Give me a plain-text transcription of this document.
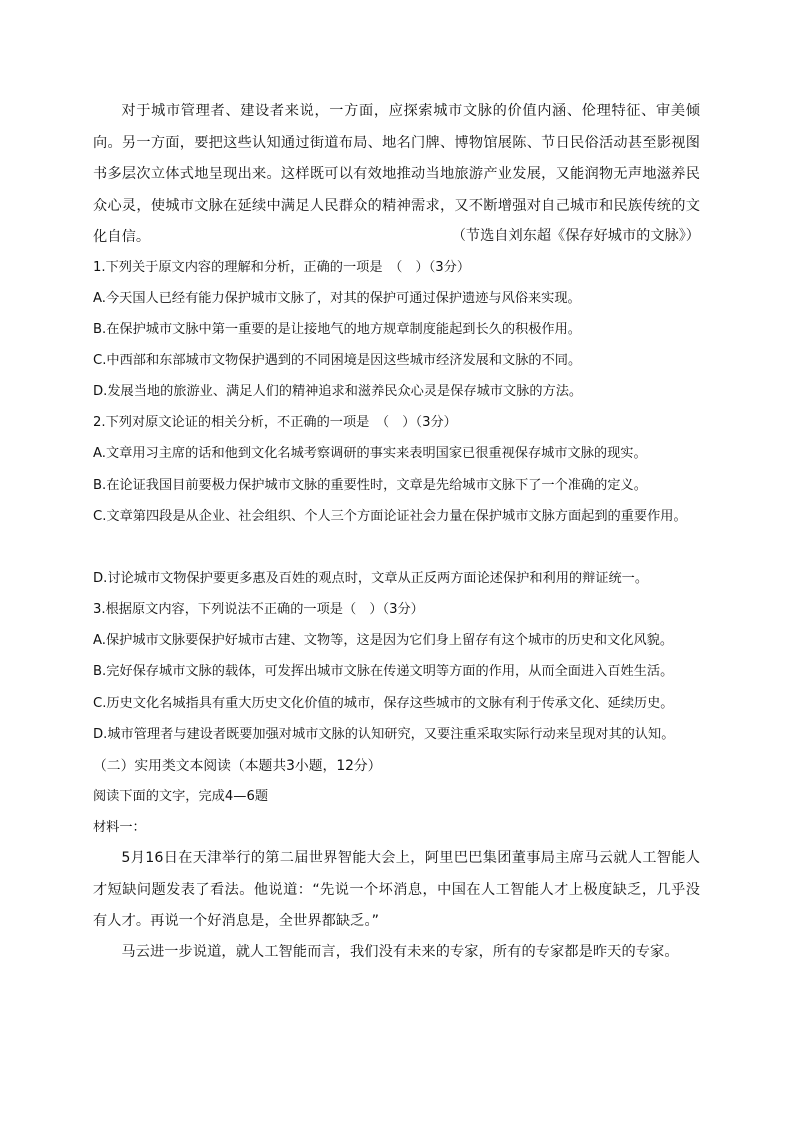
对于城市管理者、建设者来说，一方面，应探索城市文脉的价值内涵、伦理特征、审美倾向。另一方面，要把这些认知通过街道布局、地名门牌、博物馆展陈、节日民俗活动甚至影视图书多层次立体式地呈现出来。这样既可以有效地推动当地旅游产业发展，又能润物无声地滋养民众心灵，使城市文脉在延续中满足人民群众的精神需求，又不断增强对自己城市和民族传统的文化自信。	（节选自刘东超《保存好城市的文脉》）

1.下列关于原文内容的理解和分析，正确的一项是　（　）（3分）

A.今天国人已经有能力保护城市文脉了，对其的保护可通过保护遗迹与风俗来实现。

B.在保护城市文脉中第一重要的是让接地气的地方规章制度能起到长久的积极作用。

C.中西部和东部城市文物保护遇到的不同困境是因这些城市经济发展和文脉的不同。

D.发展当地的旅游业、满足人们的精神追求和滋养民众心灵是保存城市文脉的方法。

2.下列对原文论证的相关分析，不正确的一项是　（　）（3分）

A.文章用习主席的话和他到文化名城考察调研的事实来表明国家已很重视保存城市文脉的现实。

B.在论证我国目前要极力保护城市文脉的重要性时，文章是先给城市文脉下了一个准确的定义。

C.文章第四段是从企业、社会组织、个人三个方面论证社会力量在保护城市文脉方面起到的重要作用。

D.讨论城市文物保护要更多惠及百姓的观点时，文章从正反两方面论述保护和利用的辩证统一。

3.根据原文内容，下列说法不正确的一项是（　）（3分）

A.保护城市文脉要保护好城市古建、文物等，这是因为它们身上留存有这个城市的历史和文化风貌。

B.完好保存城市文脉的载体，可发挥出城市文脉在传递文明等方面的作用，从而全面进入百姓生活。

C.历史文化名城指具有重大历史文化价值的城市，保存这些城市的文脉有利于传承文化、延续历史。

D.城市管理者与建设者既要加强对城市文脉的认知研究，又要注重采取实际行动来呈现对其的认知。

（二）实用类文本阅读（本题共3小题，12分）

阅读下面的文字，完成4—6题

材料一：

5月16日在天津举行的第二届世界智能大会上，阿里巴巴集团董事局主席马云就人工智能人才短缺问题发表了看法。他说道：“先说一个坏消息，中国在人工智能人才上极度缺乏，几乎没有人才。再说一个好消息是，全世界都缺乏。”

马云进一步说道，就人工智能而言，我们没有未来的专家，所有的专家都是昨天的专家。
